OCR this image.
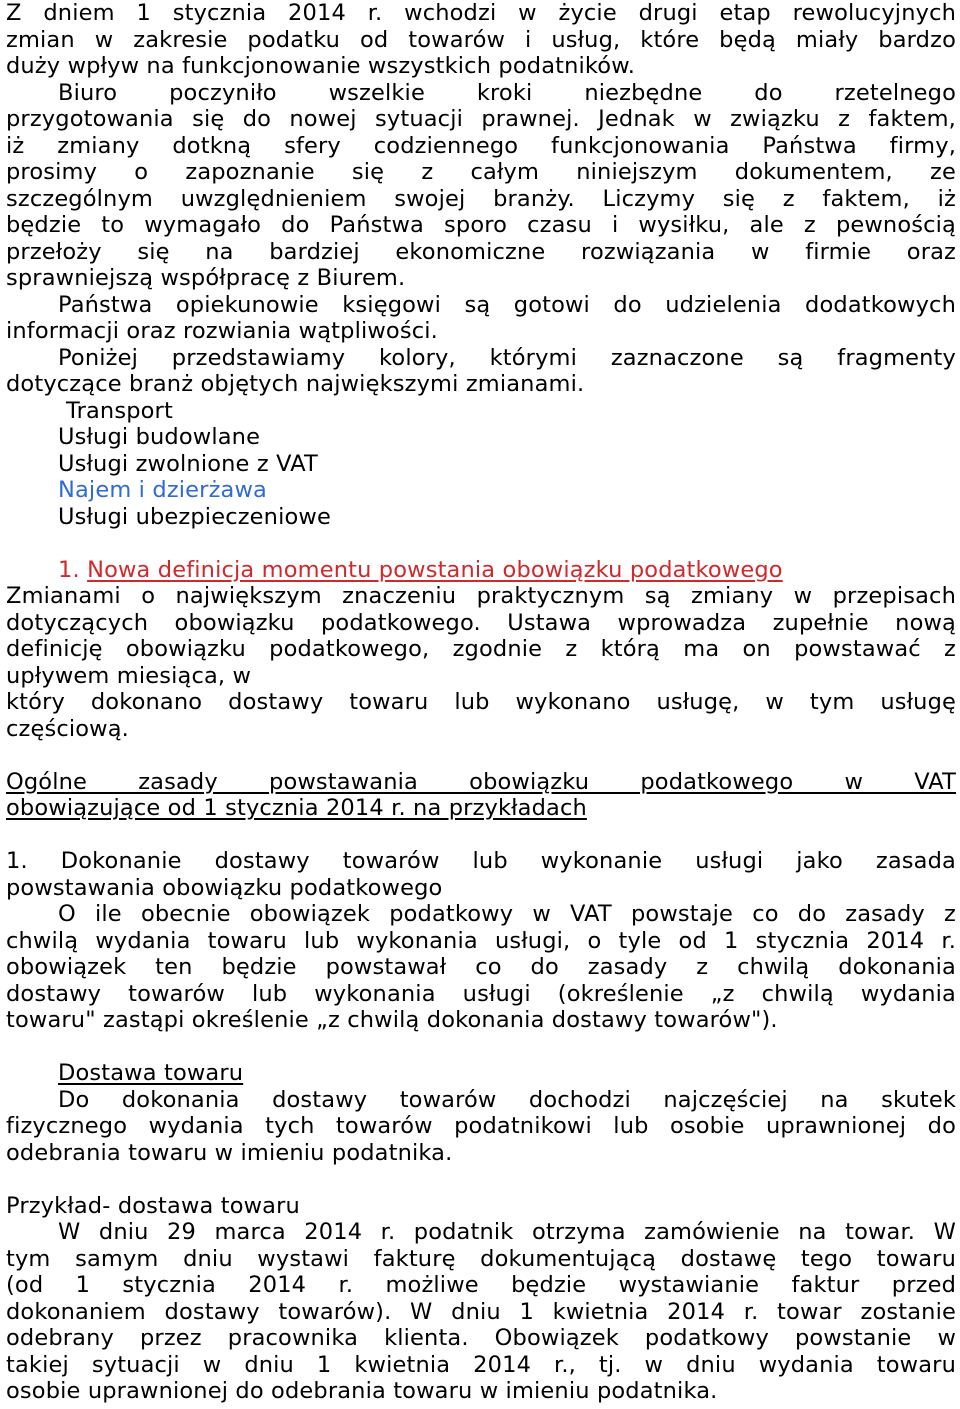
Z dniem 1 stycznia 2014 r. wchodzi w życie drugi etap rewolucyjnych
zmian w zakresie podatku od towarów i usług, które będą miały bardzo
duży wpływ na funkcjonowanie wszystkich podatników.
Biuro poczyniło wszelkie kroki niezbędne do rzetelnego
przygotowania się do nowej sytuacji prawnej. Jednak w związku z faktem,
iż zmiany dotkną sfery codziennego funkcjonowania Państwa firmy,
prosimy o zapoznanie się z całym niniejszym dokumentem, ze
szczególnym uwzględnieniem swojej branży. Liczymy się z faktem, iż
będzie to wymagało do Państwa sporo czasu i wysiłku, ale z pewnością
przełoży się na bardziej ekonomiczne rozwiązania w firmie oraz
sprawniejszą współpracę z Biurem.
Państwa opiekunowie księgowi są gotowi do udzielenia dodatkowych
informacji oraz rozwiania wątpliwości.
Poniżej przedstawiamy kolory, którymi zaznaczone są fragmenty
dotyczące branż objętych największymi zmianami.
Transport
Usługi budowlane
Usługi zwolnione z VAT
Najem i dzierżawa
Usługi ubezpieczeniowe
1. Nowa definicja momentu powstania obowiązku podatkowego
Zmianami o największym znaczeniu praktycznym są zmiany w przepisach
dotyczących obowiązku podatkowego. Ustawa wprowadza zupełnie nową
definicję obowiązku podatkowego, zgodnie z którą ma on powstawać z
upływem miesiąca, w
który dokonano dostawy towaru lub wykonano usługę, w tym usługę
częściową.
Ogólne zasady powstawania obowiązku podatkowego w VAT
obowiązujące od 1 stycznia 2014 r. na przykładach
1. Dokonanie dostawy towarów lub wykonanie usługi jako zasada
powstawania obowiązku podatkowego
O ile obecnie obowiązek podatkowy w VAT powstaje co do zasady z
chwilą wydania towaru lub wykonania usługi, o tyle od 1 stycznia 2014 r.
obowiązek ten będzie powstawał co do zasady z chwilą dokonania
dostawy towarów lub wykonania usługi (określenie „z chwilą wydania
towaru" zastąpi określenie „z chwilą dokonania dostawy towarów").
Dostawa towaru
Do dokonania dostawy towarów dochodzi najczęściej na skutek
fizycznego wydania tych towarów podatnikowi lub osobie uprawnionej do
odebrania towaru w imieniu podatnika.
Przykład- dostawa towaru
W dniu 29 marca 2014 r. podatnik otrzyma zamówienie na towar. W
tym samym dniu wystawi fakturę dokumentującą dostawę tego towaru
(od 1 stycznia 2014 r. możliwe będzie wystawianie faktur przed
dokonaniem dostawy towarów). W dniu 1 kwietnia 2014 r. towar zostanie
odebrany przez pracownika klienta. Obowiązek podatkowy powstanie w
takiej sytuacji w dniu 1 kwietnia 2014 r., tj. w dniu wydania towaru
osobie uprawnionej do odebrania towaru w imieniu podatnika.
